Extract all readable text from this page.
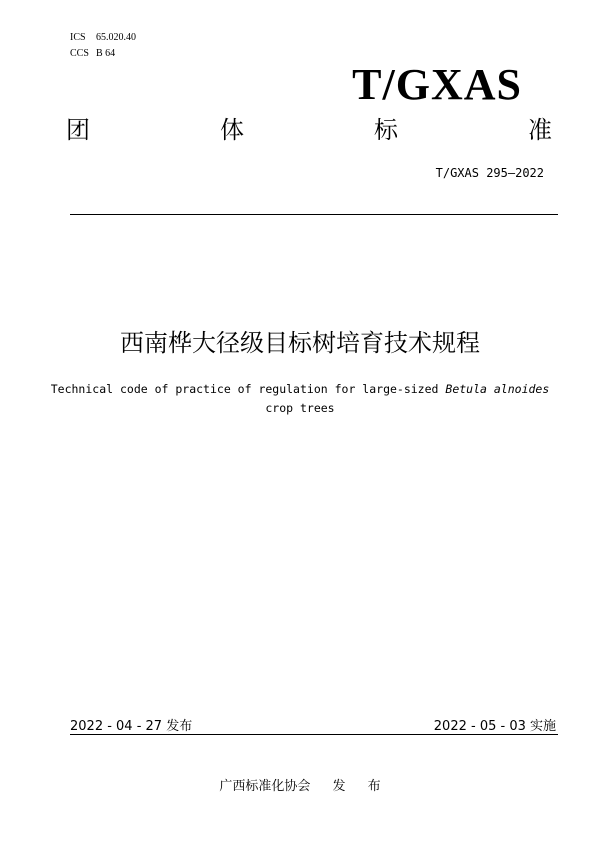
ICS 65.020.40
CCS B 64
T/GXAS
团	体	标	准
T/GXAS 295—2022
西南桦大径级目标树培育技术规程
Technical code of practice of regulation for large-sized Betula alnoides
crop trees
2022 - 04 - 27 发布	2022 - 05 - 03 实施
广西标准化协会 发 布
